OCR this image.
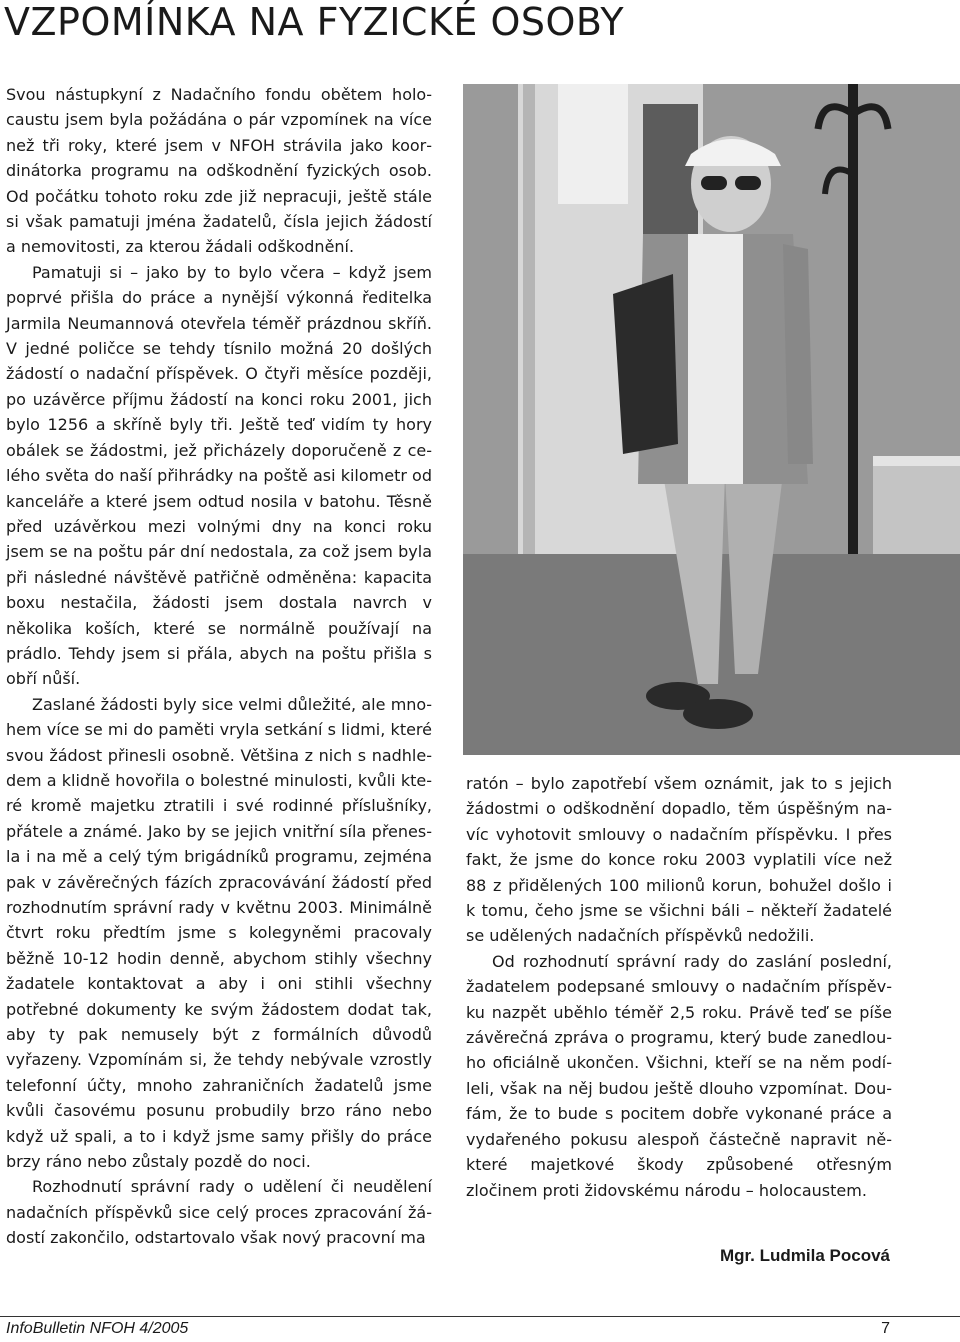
VZPOMÍNKA NA FYZICKÉ OSOBY

Svou nástupkyní z Nadačního fondu obětem holocaustu jsem byla požádána o pár vzpomínek na více než tři roky, které jsem v NFOH strávila jako koordinátorka programu na odškodnění fyzických osob. Od počátku tohoto roku zde již nepracuji, ještě stále si však pamatuji jména žadatelů, čísla jejich žádostí a nemovitosti, za kterou žádali odškodnění.

Pamatuji si – jako by to bylo včera – když jsem poprvé přišla do práce a nynější výkonná ředitelka Jarmila Neumannová otevřela téměř prázdnou skříň. V jedné poličce se tehdy tísnilo možná 20 došlých žádostí o nadační příspěvek. O čtyři měsíce později, po uzávěrce příjmu žádostí na konci roku 2001, jich bylo 1256 a skříně byly tři. Ještě teď vidím ty hory obálek se žádostmi, jež přicházely doporučeně z celého světa do naší přihrádky na poště asi kilometr od kanceláře a které jsem odtud nosila v batohu. Těsně před uzávěrkou mezi volnými dny na konci roku jsem se na poštu pár dní nedostala, za což jsem byla při následné návštěvě patřičně odměněna: kapacita boxu nestačila, žádosti jsem dostala navrch v několika koších, které se normálně používají na prádlo. Tehdy jsem si přála, abych na poštu přišla s obří nůší.

Zaslané žádosti byly sice velmi důležité, ale mnohem více se mi do paměti vryla setkání s lidmi, které svou žádost přinesli osobně. Většina z nich s nadhledem a klidně hovořila o bolestné minulosti, kvůli které kromě majetku ztratili i své rodinné příslušníky, přátele a známé. Jako by se jejich vnitřní síla přenesla i na mě a celý tým brigádníků programu, zejména pak v závěrečných fázích zpracovávání žádostí před rozhodnutím správní rady v květnu 2003. Minimálně čtvrt roku předtím jsme s kolegyněmi pracovaly běžně 10-12 hodin denně, abychom stihly všechny žadatele kontaktovat a aby i oni stihli všechny potřebné dokumenty ke svým žádostem dodat tak, aby ty pak nemusely být z formálních důvodů vyřazeny. Vzpomínám si, že tehdy nebývale vzrostly telefonní účty, mnoho zahraničních žadatelů jsme kvůli časovému posunu probudily brzo ráno nebo když už spali, a to i když jsme samy přišly do práce brzy ráno nebo zůstaly pozdě do noci.

Rozhodnutí správní rady o udělení či neudělení nadačních příspěvků sice celý proces zpracování žádostí zakončilo, odstartovalo však nový pracovní ma

ratón – bylo zapotřebí všem oznámit, jak to s jejich žádostmi o odškodnění dopadlo, těm úspěšným navíc vyhotovit smlouvy o nadačním příspěvku. I přes fakt, že jsme do konce roku 2003 vyplatili více než 88 z přidělených 100 milionů korun, bohužel došlo i k tomu, čeho jsme se všichni báli – někteří žadatelé se udělených nadačních příspěvků nedožili.

Od rozhodnutí správní rady do zaslání poslední, žadatelem podepsané smlouvy o nadačním příspěvku nazpět uběhlo téměř 2,5 roku. Právě teď se píše závěrečná zpráva o programu, který bude zanedlouho oficiálně ukončen. Všichni, kteří se na něm podíleli, však na něj budou ještě dlouho vzpomínat. Doufám, že to bude s pocitem dobře vykonané práce a vydařeného pokusu alespoň částečně napravit některé majetkové škody způsobené otřesným zločinem proti židovskému národu – holocaustem.

Mgr. Ludmila Pocová
InfoBulletin NFOH 4/2005	7
